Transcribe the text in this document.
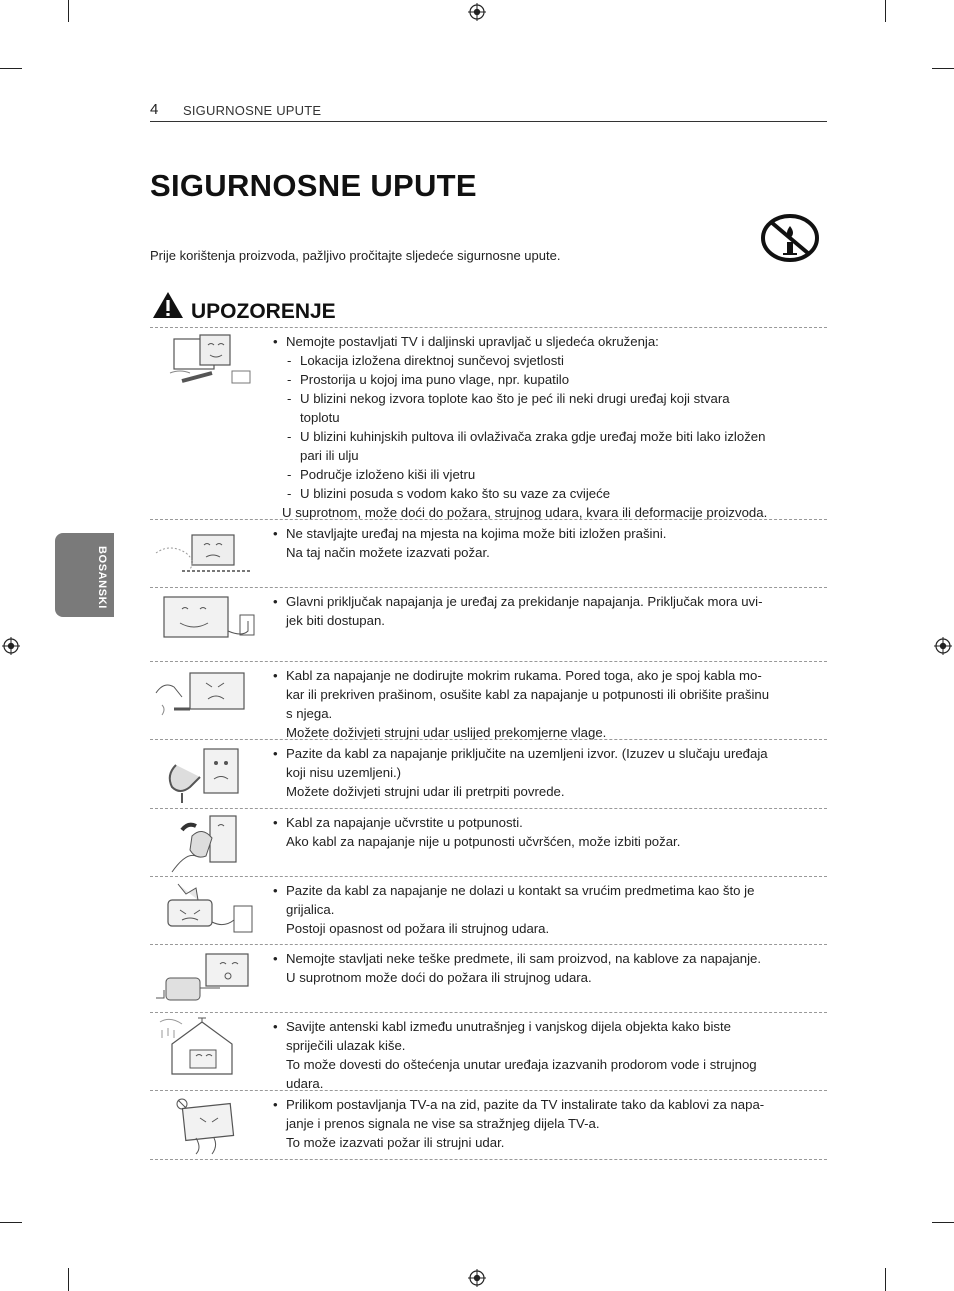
4 SIGURNOSNE UPUTE
BOSANSKI
SIGURNOSNE UPUTE
Prije korištenja proizvoda, pažljivo pročitajte sljedeće sigurnosne upute.
UPOZORENJE

• Nemojte postavljati TV i daljinski upravljač u sljedeća okruženja:

- Lokacija izložena direktnoj sunčevoj svjetlosti

- Prostorija u kojoj ima puno vlage, npr. kupatilo

- U blizini nekog izvora toplote kao što je peć ili neki drugi uređaj koji stvara

toplotu

- U blizini kuhinjskih pultova ili ovlaživača zraka gdje uređaj može biti lako izložen

pari ili ulju

- Područje izloženo kiši ili vjetru

- U blizini posuda s vodom kako što su vaze za cvijeće

U suprotnom, može doći do požara, strujnog udara, kvara ili deformacije proizvoda.

• Ne stavljajte uređaj na mjesta na kojima može biti izložen prašini.

Na taj način možete izazvati požar.

• Glavni priključak napajanja je uređaj za prekidanje napajanja. Priključak mora uvi-

jek biti dostupan.

• Kabl za napajanje ne dodirujte mokrim rukama. Pored toga, ako je spoj kabla mo-

kar ili prekriven prašinom, osušite kabl za napajanje u potpunosti ili obrišite prašinu

s njega.

Možete doživjeti strujni udar uslijed prekomjerne vlage.

• Pazite da kabl za napajanje priključite na uzemljeni izvor. (Izuzev u slučaju uređaja

koji nisu uzemljeni.)

Možete doživjeti strujni udar ili pretrpiti povrede.

• Kabl za napajanje učvrstite u potpunosti.

Ako kabl za napajanje nije u potpunosti učvršćen, može izbiti požar.

• Pazite da kabl za napajanje ne dolazi u kontakt sa vrućim predmetima kao što je

grijalica.

Postoji opasnost od požara ili strujnog udara.

• Nemojte stavljati neke teške predmete, ili sam proizvod, na kablove za napajanje.

U suprotnom može doći do požara ili strujnog udara.

• Savijte antenski kabl između unutrašnjeg i vanjskog dijela objekta kako biste

spriječili ulazak kiše.

To može dovesti do oštećenja unutar uređaja izazvanih prodorom vode i strujnog

udara.

• Prilikom postavljanja TV-a na zid, pazite da TV instalirate tako da kablovi za napa-

janje i prenos signala ne vise sa stražnjeg dijela TV-a.

To može izazvati požar ili strujni udar.
